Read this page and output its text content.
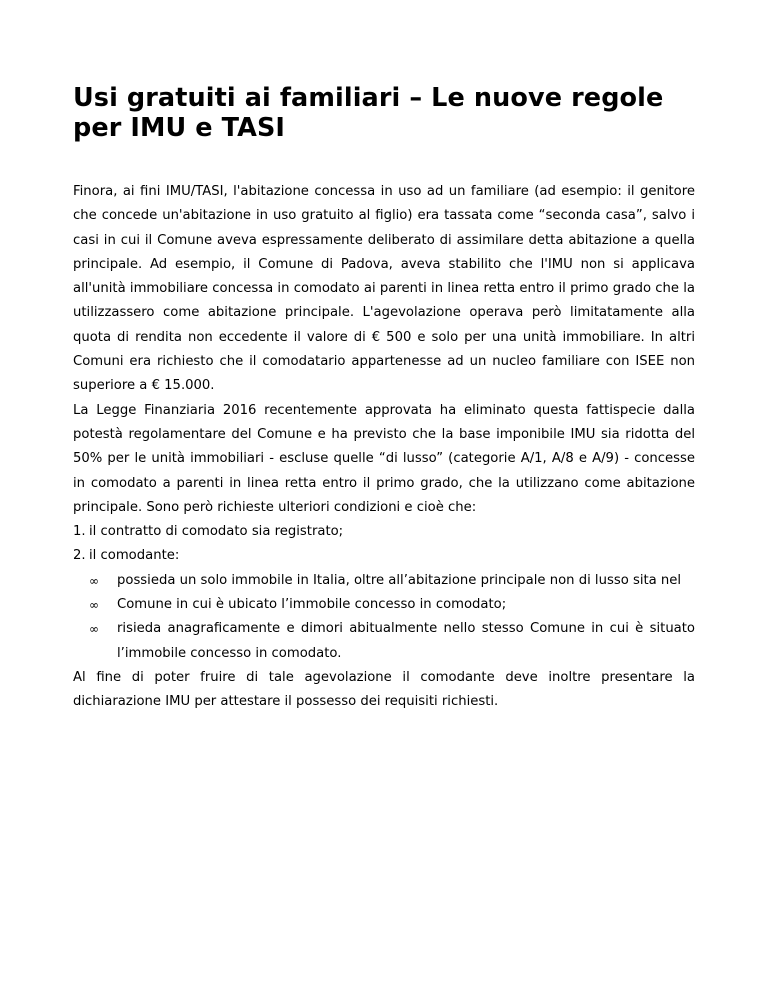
Usi gratuiti ai familiari – Le nuove regole per IMU e TASI

Finora, ai fini IMU/TASI, l'abitazione concessa in uso ad un familiare (ad esempio: il genitore che concede un'abitazione in uso gratuito al figlio) era tassata come “seconda casa”, salvo i casi in cui il Comune aveva espressamente deliberato di assimilare detta abitazione a quella principale. Ad esempio, il Comune di Padova, aveva stabilito che l'IMU non si applicava all'unità immobiliare concessa in comodato ai parenti in linea retta entro il primo grado che la utilizzassero come abitazione principale. L'agevolazione operava però limitatamente alla quota di rendita non eccedente il valore di € 500 e solo per una unità immobiliare. In altri Comuni era richiesto che il comodatario appartenesse ad un nucleo familiare con ISEE non superiore a € 15.000.

La Legge Finanziaria 2016 recentemente approvata ha eliminato questa fattispecie dalla potestà regolamentare del Comune e ha previsto che la base imponibile IMU sia ridotta del 50% per le unità immobiliari - escluse quelle “di lusso” (categorie A/1, A/8 e A/9) - concesse in comodato a parenti in linea retta entro il primo grado, che la utilizzano come abitazione principale. Sono però richieste ulteriori condizioni e cioè che:

1. il contratto di comodato sia registrato;
2. il comodante:
∞	possieda un solo immobile in Italia, oltre all’abitazione principale non di lusso sita nel
∞	Comune in cui è ubicato l’immobile concesso in comodato;
∞	risieda anagraficamente e dimori abitualmente nello stesso Comune in cui è situato l’immobile concesso in comodato.

Al fine di poter fruire di tale agevolazione il comodante deve inoltre presentare la dichiarazione IMU per attestare il possesso dei requisiti richiesti.
